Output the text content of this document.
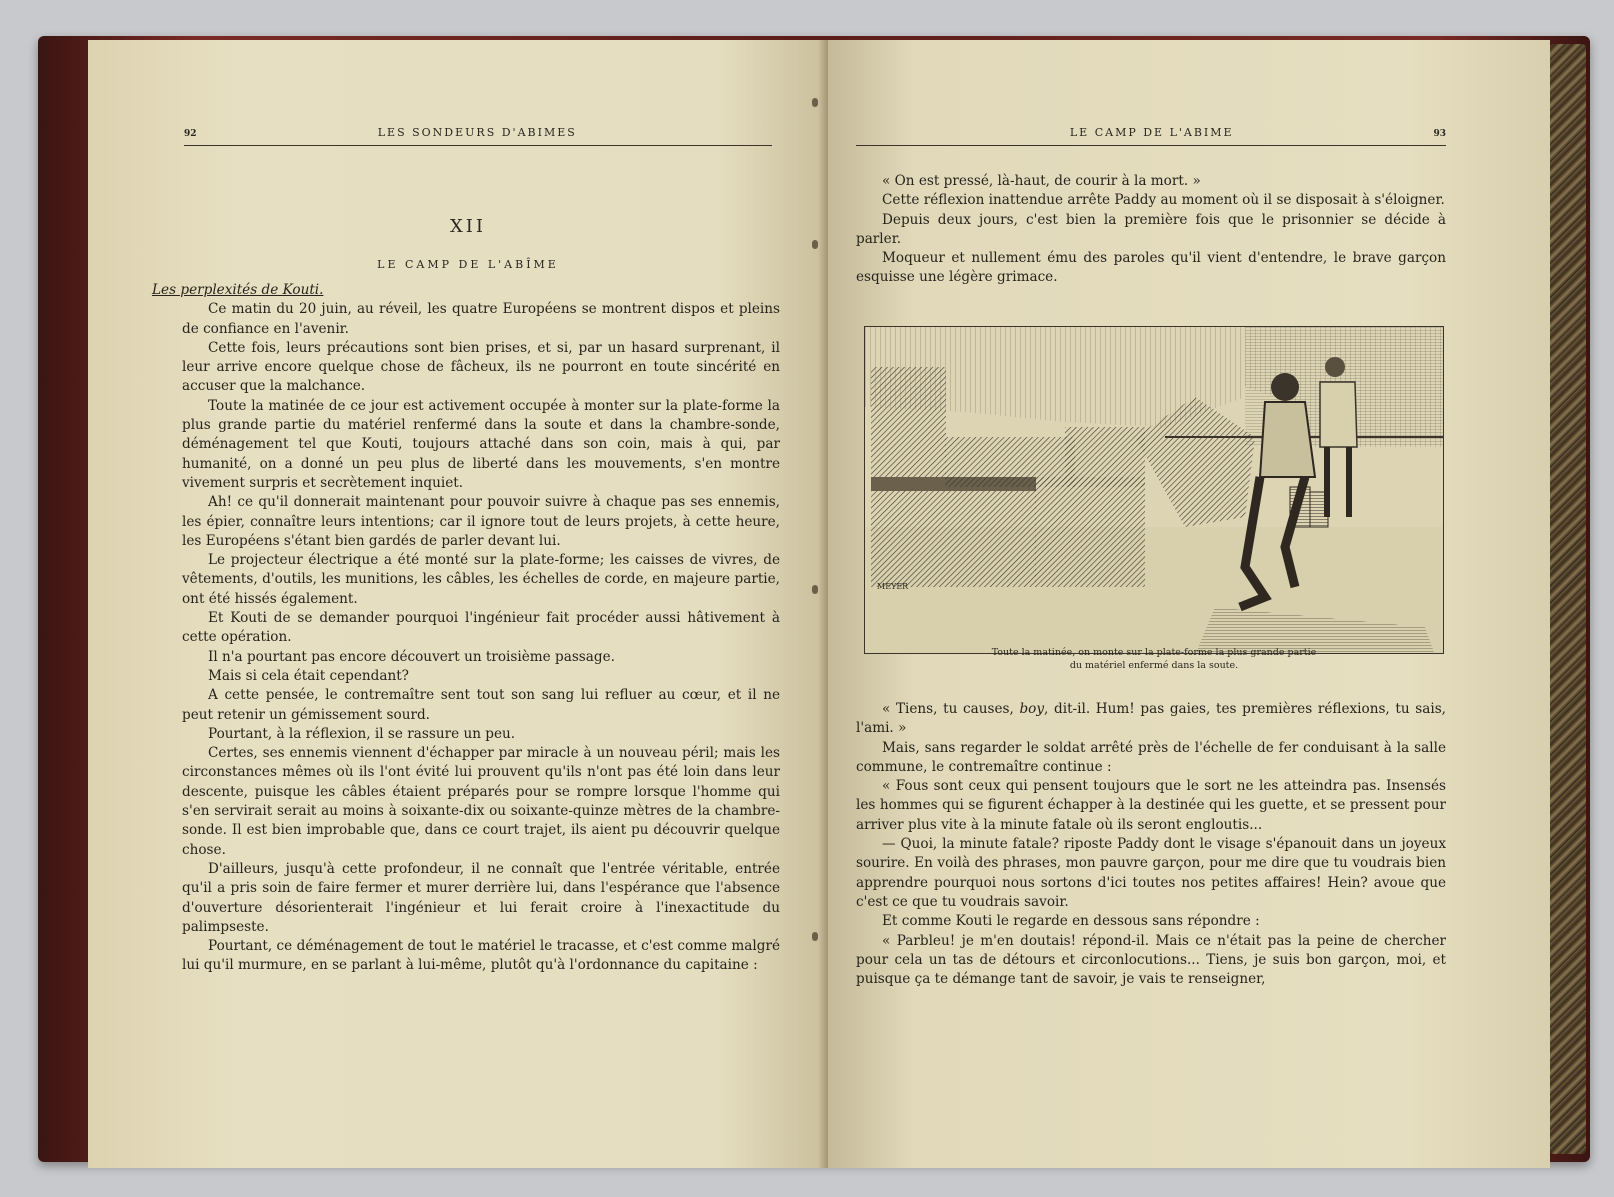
92	LES SONDEURS D'ABIMES
XII
LE CAMP DE L'ABÎME

Les perplexités de Kouti.

Ce matin du 20 juin, au réveil, les quatre Européens se montrent dispos et pleins de confiance en l'avenir.

Cette fois, leurs précautions sont bien prises, et si, par un hasard surprenant, il leur arrive encore quelque chose de fâcheux, ils ne pourront en toute sincérité en accuser que la malchance.

Toute la matinée de ce jour est activement occupée à monter sur la plate-forme la plus grande partie du matériel renfermé dans la soute et dans la chambre-sonde, déménagement tel que Kouti, toujours attaché dans son coin, mais à qui, par humanité, on a donné un peu plus de liberté dans les mouvements, s'en montre vivement surpris et secrètement inquiet.

Ah! ce qu'il donnerait maintenant pour pouvoir suivre à chaque pas ses ennemis, les épier, connaître leurs intentions; car il ignore tout de leurs projets, à cette heure, les Européens s'étant bien gardés de parler devant lui.

Le projecteur électrique a été monté sur la plate-forme; les caisses de vivres, de vêtements, d'outils, les munitions, les câbles, les échelles de corde, en majeure partie, ont été hissés également.

Et Kouti de se demander pourquoi l'ingénieur fait procéder aussi hâtivement à cette opération.

Il n'a pourtant pas encore découvert un troisième passage.

Mais si cela était cependant?

A cette pensée, le contremaître sent tout son sang lui refluer au cœur, et il ne peut retenir un gémissement sourd.

Pourtant, à la réflexion, il se rassure un peu.

Certes, ses ennemis viennent d'échapper par miracle à un nouveau péril; mais les circonstances mêmes où ils l'ont évité lui prouvent qu'ils n'ont pas été loin dans leur descente, puisque les câbles étaient préparés pour se rompre lorsque l'homme qui s'en servirait serait au moins à soixante-dix ou soixante-quinze mètres de la chambre-sonde. Il est bien improbable que, dans ce court trajet, ils aient pu découvrir quelque chose.

D'ailleurs, jusqu'à cette profondeur, il ne connaît que l'entrée véritable, entrée qu'il a pris soin de faire fermer et murer derrière lui, dans l'espérance que l'absence d'ouverture désorienterait l'ingénieur et lui ferait croire à l'inexactitude du palimpseste.

Pourtant, ce déménagement de tout le matériel le tracasse, et c'est comme malgré lui qu'il murmure, en se parlant à lui-même, plutôt qu'à l'ordonnance du capitaine :

LE CAMP DE L'ABIME	93

« On est pressé, là-haut, de courir à la mort. »

Cette réflexion inattendue arrête Paddy au moment où il se disposait à s'éloigner.

Depuis deux jours, c'est bien la première fois que le prisonnier se décide à parler.

Moqueur et nullement ému des paroles qu'il vient d'entendre, le brave garçon esquisse une légère grimace.

MEYER
Toute la matinée, on monte sur la plate-forme la plus grande partie
du matériel enfermé dans la soute.

« Tiens, tu causes, boy, dit-il. Hum! pas gaies, tes premières réflexions, tu sais, l'ami. »

Mais, sans regarder le soldat arrêté près de l'échelle de fer conduisant à la salle commune, le contremaître continue :

« Fous sont ceux qui pensent toujours que le sort ne les atteindra pas. Insensés les hommes qui se figurent échapper à la destinée qui les guette, et se pressent pour arriver plus vite à la minute fatale où ils seront engloutis...

— Quoi, la minute fatale? riposte Paddy dont le visage s'épanouit dans un joyeux sourire. En voilà des phrases, mon pauvre garçon, pour me dire que tu voudrais bien apprendre pourquoi nous sortons d'ici toutes nos petites affaires! Hein? avoue que c'est ce que tu voudrais savoir.

Et comme Kouti le regarde en dessous sans répondre :

« Parbleu! je m'en doutais! répond-il. Mais ce n'était pas la peine de chercher pour cela un tas de détours et circonlocutions... Tiens, je suis bon garçon, moi, et puisque ça te démange tant de savoir, je vais te renseigner,
